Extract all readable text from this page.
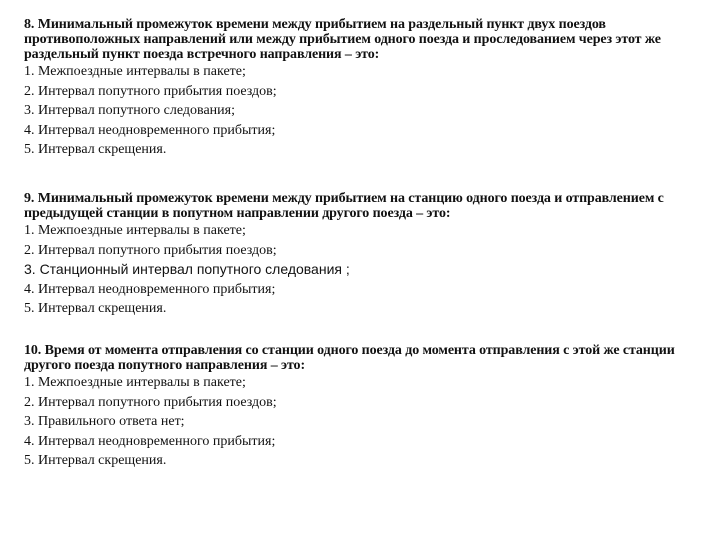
8. Минимальный промежуток времени между прибытием на раздельный пункт двух поездов противоположных направлений или между прибытием одного поезда и проследованием через этот же раздельный пункт поезда встречного направления – это:

1. Межпоездные интервалы в пакете;
2. Интервал попутного прибытия поездов;
3. Интервал попутного следования;
4. Интервал неодновременного прибытия;
5. Интервал скрещения.

9. Минимальный промежуток времени между прибытием на станцию одного поезда и отправлением с предыдущей станции в попутном направлении другого поезда – это:

1. Межпоездные интервалы в пакете;
2. Интервал попутного прибытия поездов;
3. Станционный интервал попутного следования ;
4. Интервал неодновременного прибытия;
5. Интервал скрещения.

10. Время от момента отправления со станции одного поезда до момента отправления с этой же станции другого поезда попутного направления – это:

1. Межпоездные интервалы в пакете;
2. Интервал попутного прибытия поездов;
3. Правильного ответа нет;
4. Интервал неодновременного прибытия;
5. Интервал скрещения.
